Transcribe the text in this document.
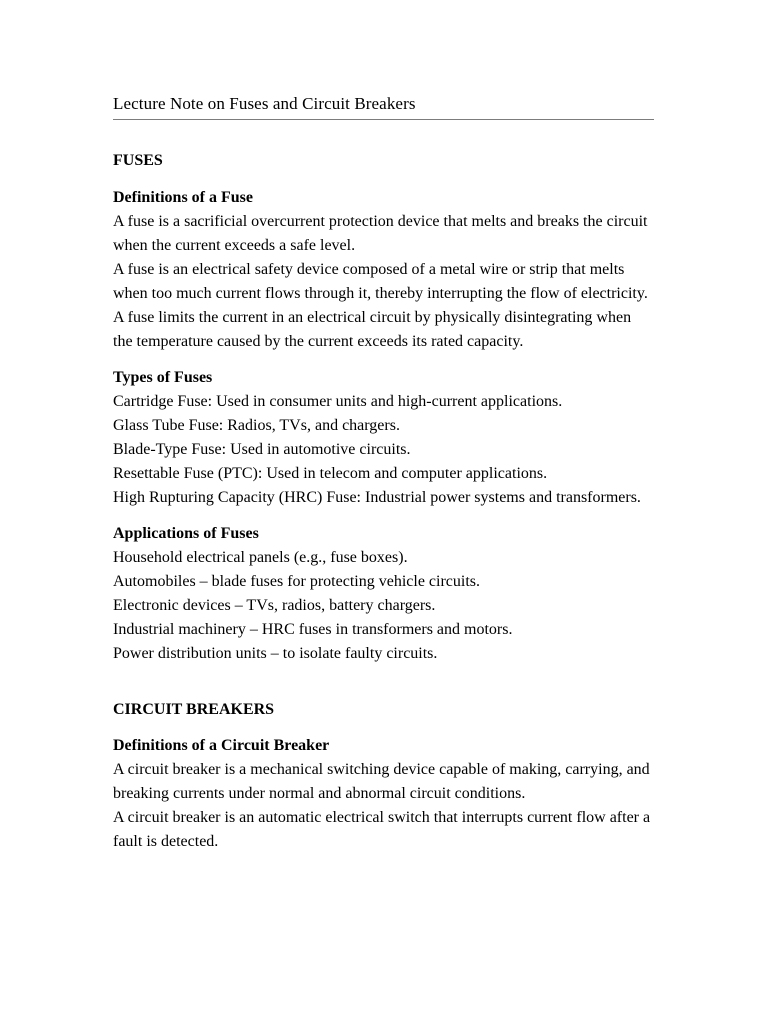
Lecture Note on Fuses and Circuit Breakers

FUSES

Definitions of a Fuse

A fuse is a sacrificial overcurrent protection device that melts and breaks the circuit when the current exceeds a safe level.

A fuse is an electrical safety device composed of a metal wire or strip that melts when too much current flows through it, thereby interrupting the flow of electricity.

A fuse limits the current in an electrical circuit by physically disintegrating when the temperature caused by the current exceeds its rated capacity.

Types of Fuses

Cartridge Fuse: Used in consumer units and high-current applications.

Glass Tube Fuse: Radios, TVs, and chargers.

Blade-Type Fuse: Used in automotive circuits.

Resettable Fuse (PTC): Used in telecom and computer applications.

High Rupturing Capacity (HRC) Fuse: Industrial power systems and transformers.

Applications of Fuses

Household electrical panels (e.g., fuse boxes).

Automobiles – blade fuses for protecting vehicle circuits.

Electronic devices – TVs, radios, battery chargers.

Industrial machinery – HRC fuses in transformers and motors.

Power distribution units – to isolate faulty circuits.

CIRCUIT BREAKERS

Definitions of a Circuit Breaker

A circuit breaker is a mechanical switching device capable of making, carrying, and breaking currents under normal and abnormal circuit conditions.

A circuit breaker is an automatic electrical switch that interrupts current flow after a fault is detected.
